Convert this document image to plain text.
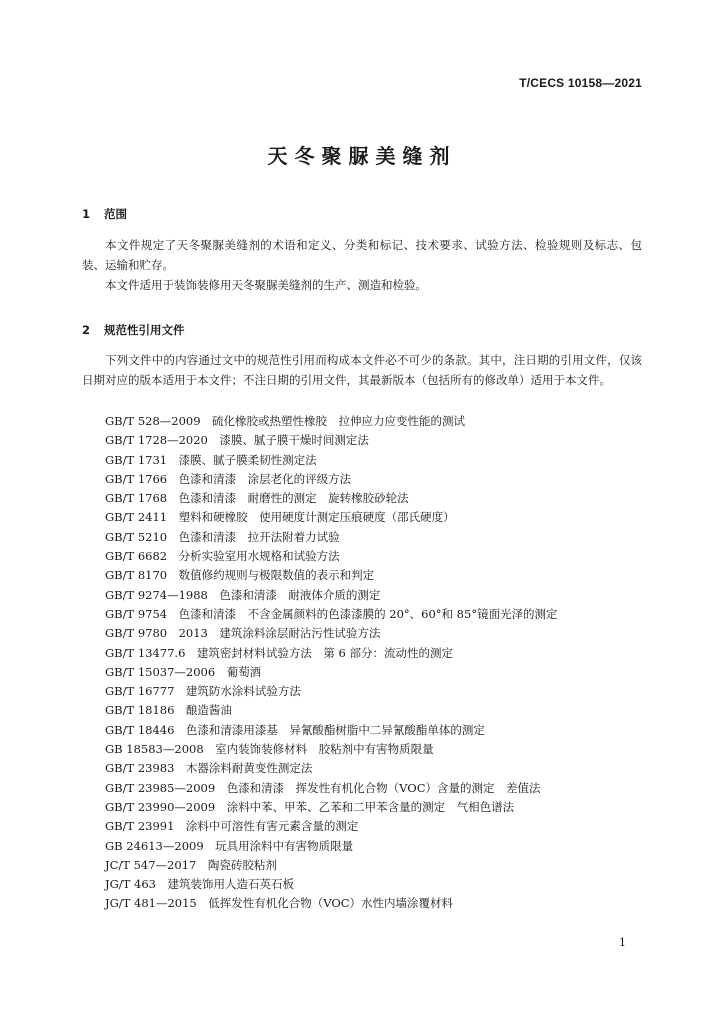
T/CECS 10158—2021
天冬聚脲美缝剂
1 范围

本文件规定了天冬聚脲美缝剂的术语和定义、分类和标记、技术要求、试验方法、检验规则及标志、包装、运输和贮存。

本文件适用于装饰装修用天冬聚脲美缝剂的生产、测造和检验。

2 规范性引用文件

下列文件中的内容通过文中的规范性引用而构成本文件必不可少的条款。其中，注日期的引用文件，仅该日期对应的版本适用于本文件；不注日期的引用文件，其最新版本（包括所有的修改单）适用于本文件。

GB/T 528—2009　硫化橡胶或热塑性橡胶　拉伸应力应变性能的测试
GB/T 1728—2020　漆膜、腻子膜干燥时间测定法
GB/T 1731　漆膜、腻子膜柔韧性测定法
GB/T 1766　色漆和清漆　涂层老化的评级方法
GB/T 1768　色漆和清漆　耐磨性的测定　旋转橡胶砂轮法
GB/T 2411　塑料和硬橡胶　使用硬度计测定压痕硬度（邵氏硬度）
GB/T 5210　色漆和清漆　拉开法附着力试验
GB/T 6682　分析实验室用水规格和试验方法
GB/T 8170　数值修约规则与极限数值的表示和判定
GB/T 9274—1988　色漆和清漆　耐液体介质的测定
GB/T 9754　色漆和清漆　不含金属颜料的色漆漆膜的 20°、60°和 85°镜面光泽的测定
GB/T 9780　2013　建筑涂料涂层耐沾污性试验方法
GB/T 13477.6　建筑密封材料试验方法　第 6 部分：流动性的测定
GB/T 15037—2006　葡萄酒
GB/T 16777　建筑防水涂料试验方法
GB/T 18186　酿造酱油
GB/T 18446　色漆和清漆用漆基　异氰酸酯树脂中二异氰酸酯单体的测定
GB 18583—2008　室内装饰装修材料　胶粘剂中有害物质限量
GB/T 23983　木器涂料耐黄变性测定法
GB/T 23985—2009　色漆和清漆　挥发性有机化合物（VOC）含量的测定　差值法
GB/T 23990—2009　涂料中苯、甲苯、乙苯和二甲苯含量的测定　气相色谱法
GB/T 23991　涂料中可溶性有害元素含量的测定
GB 24613—2009　玩具用涂料中有害物质限量
JC/T 547—2017　陶瓷砖胶粘剂
JG/T 463　建筑装饰用人造石英石板
JG/T 481—2015　低挥发性有机化合物（VOC）水性内墙涂覆材料
1
